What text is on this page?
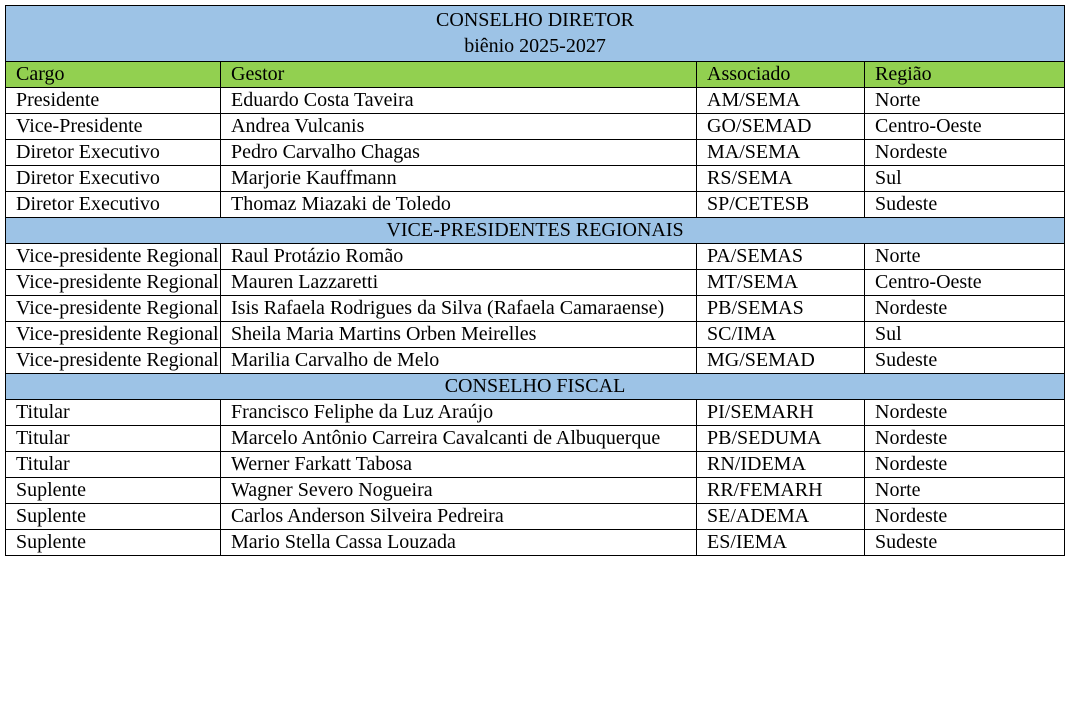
CONSELHO DIRETOR
biênio 2025-2027			

Cargo	Gestor	Associado	Região
Presidente	Eduardo Costa Taveira	AM/SEMA	Norte
Vice-Presidente	Andrea Vulcanis	GO/SEMAD	Centro-Oeste
Diretor Executivo	Pedro Carvalho Chagas	MA/SEMA	Nordeste
Diretor Executivo	Marjorie Kauffmann	RS/SEMA	Sul
Diretor Executivo	Thomaz Miazaki de Toledo	SP/CETESB	Sudeste
VICE-PRESIDENTES REGIONAIS			
Vice-presidente Regional	Raul Protázio Romão	PA/SEMAS	Norte
Vice-presidente Regional	Mauren Lazzaretti	MT/SEMA	Centro-Oeste
Vice-presidente Regional	Isis Rafaela Rodrigues da Silva (Rafaela Camaraense)	PB/SEMAS	Nordeste
Vice-presidente Regional	Sheila Maria Martins Orben Meirelles	SC/IMA	Sul
Vice-presidente Regional	Marilia Carvalho de Melo	MG/SEMAD	Sudeste
CONSELHO FISCAL			
Titular	Francisco Feliphe da Luz Araújo	PI/SEMARH	Nordeste
Titular	Marcelo Antônio Carreira Cavalcanti de Albuquerque	PB/SEDUMA	Nordeste
Titular	Werner Farkatt Tabosa	RN/IDEMA	Nordeste
Suplente	Wagner Severo Nogueira	RR/FEMARH	Norte
Suplente	Carlos Anderson Silveira Pedreira	SE/ADEMA	Nordeste
Suplente	Mario Stella Cassa Louzada	ES/IEMA	Sudeste
